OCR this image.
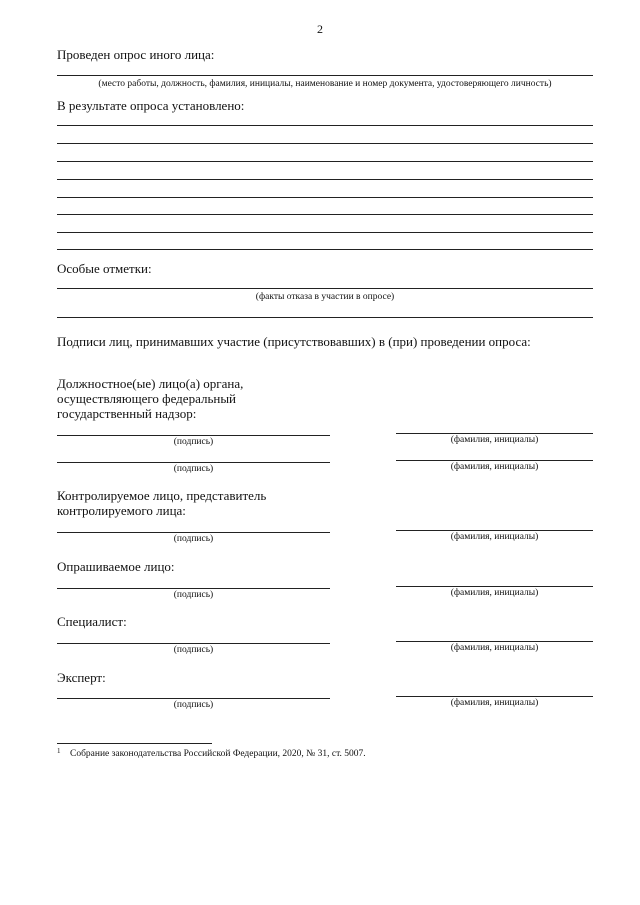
2
Проведен опрос иного лица:
(место работы, должность, фамилия, инициалы, наименование и номер документа, удостоверяющего личность)
В результате опроса установлено:
Особые отметки:
(факты отказа в участии в опросе)
Подписи лиц, принимавших участие (присутствовавших) в (при) проведении опроса:
Должностное(ые) лицо(а) органа,
осуществляющего федеральный
государственный надзор:
(подпись)	(фамилия, инициалы)
(подпись)	(фамилия, инициалы)
Контролируемое лицо, представитель
контролируемого лица:
(подпись)	(фамилия, инициалы)
Опрашиваемое лицо:
(подпись)	(фамилия, инициалы)
Специалист:
(подпись)	(фамилия, инициалы)
Эксперт:
(подпись)	(фамилия, инициалы)
1 Собрание законодательства Российской Федерации, 2020, № 31, ст. 5007.
